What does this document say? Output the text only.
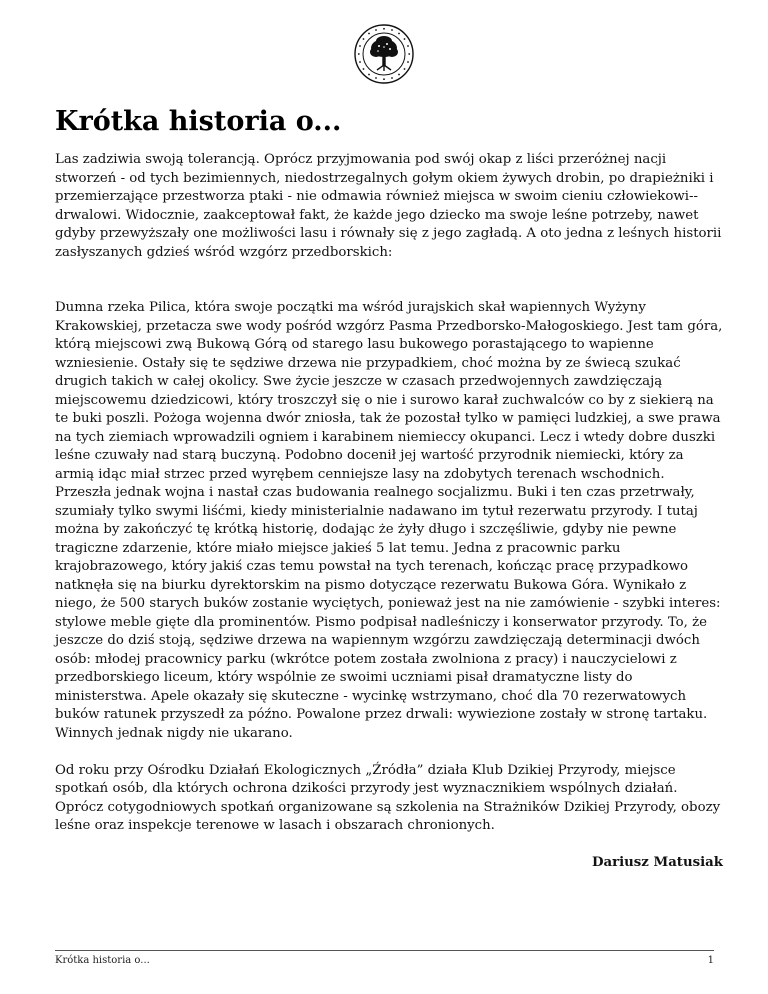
Krótka historia o...

Las zadziwia swoją tolerancją. Oprócz przyjmowania pod swój okap z liści przeróżnej nacji stworzeń - od tych bezimiennych, niedostrzegalnych gołym okiem żywych drobin, po drapieżniki i przemierzające przestworza ptaki - nie odmawia również miejsca w swoim cieniu człowiekowi--drwalowi. Widocznie, zaakceptował fakt, że każde jego dziecko ma swoje leśne potrzeby, nawet gdyby przewyższały one możliwości lasu i równały się z jego zagładą. A oto jedna z leśnych historii zasłyszanych gdzieś wśród wzgórz przedborskich:

Dumna rzeka Pilica, która swoje początki ma wśród jurajskich skał wapiennych Wyżyny Krakowskiej, przetacza swe wody pośród wzgórz Pasma Przedborsko-Małogoskiego. Jest tam góra, którą miejscowi zwą Bukową Górą od starego lasu bukowego porastającego to wapienne wzniesienie. Ostały się te sędziwe drzewa nie przypadkiem, choć można by ze świecą szukać drugich takich w całej okolicy. Swe życie jeszcze w czasach przedwojennych zawdzięczają miejscowemu dziedzicowi, który troszczył się o nie i surowo karał zuchwalców co by z siekierą na te buki poszli. Pożoga wojenna dwór zniosła, tak że pozostał tylko w pamięci ludzkiej, a swe prawa na tych ziemiach wprowadzili ogniem i karabinem niemieccy okupanci. Lecz i wtedy dobre duszki leśne czuwały nad starą buczyną. Podobno docenił jej wartość przyrodnik niemiecki, który za armią idąc miał strzec przed wyrębem cenniejsze lasy na zdobytych terenach wschodnich. Przeszła jednak wojna i nastał czas budowania realnego socjalizmu. Buki i ten czas przetrwały, szumiały tylko swymi liśćmi, kiedy ministerialnie nadawano im tytuł rezerwatu przyrody. I tutaj można by zakończyć tę krótką historię, dodając że żyły długo i szczęśliwie, gdyby nie pewne tragiczne zdarzenie, które miało miejsce jakieś 5 lat temu. Jedna z pracownic parku krajobrazowego, który jakiś czas temu powstał na tych terenach, kończąc pracę przypadkowo natknęła się na biurku dyrektorskim na pismo dotyczące rezerwatu Bukowa Góra. Wynikało z niego, że 500 starych buków zostanie wyciętych, ponieważ jest na nie zamówienie - szybki interes: stylowe meble gięte dla prominentów. Pismo podpisał nadleśniczy i konserwator przyrody. To, że jeszcze do dziś stoją, sędziwe drzewa na wapiennym wzgórzu zawdzięczają determinacji dwóch osób: młodej pracownicy parku (wkrótce potem została zwolniona z pracy) i nauczycielowi z przedborskiego liceum, który wspólnie ze swoimi uczniami pisał dramatyczne listy do ministerstwa. Apele okazały się skuteczne - wycinkę wstrzymano, choć dla 70 rezerwatowych buków ratunek przyszedł za późno. Powalone przez drwali: wywiezione zostały w stronę tartaku. Winnych jednak nigdy nie ukarano.

Od roku przy Ośrodku Działań Ekologicznych „Źródła” działa Klub Dzikiej Przyrody, miejsce spotkań osób, dla których ochrona dzikości przyrody jest wyznacznikiem wspólnych działań. Oprócz cotygodniowych spotkań organizowane są szkolenia na Strażników Dzikiej Przyrody, obozy leśne oraz inspekcje terenowe w lasach i obszarach chronionych.

Dariusz Matusiak
Krótka historia o...	1
